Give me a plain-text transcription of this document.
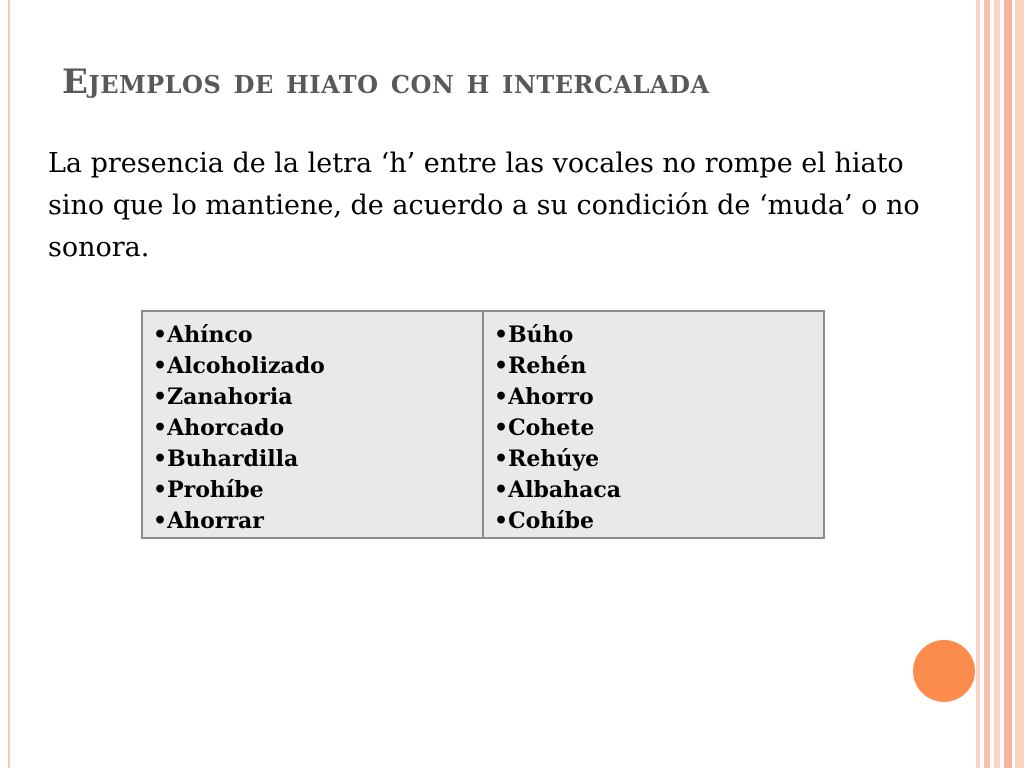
Ejemplos de hiato con h intercalada

La presencia de la letra ‘h’ entre las vocales no rompe el hiato sino que lo mantiene, de acuerdo a su condición de ‘muda’ o no sonora.

•Ahínco
•Alcoholizado
•Zanahoria
•Ahorcado
•Buhardilla
•Prohíbe
•Ahorrar

•Búho
•Rehén
•Ahorro
•Cohete
•Rehúye
•Albahaca
•Cohíbe
